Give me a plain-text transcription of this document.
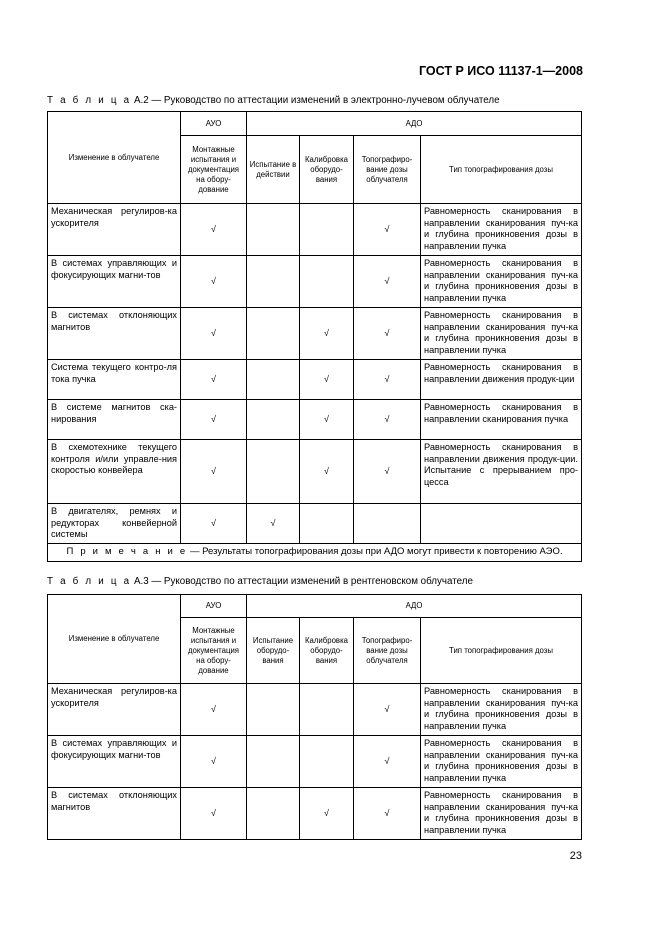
ГОСТ Р ИСО 11137-1—2008
Т а б л и ц а А.2 — Руководство по аттестации изменений в электронно-лучевом облучателе
Изменение в облучателе	АУО	АДО			
	Монтажные испытания и документация на обору-дование	Испытание в действии	Калибровка оборудо-вания	Топографиро-вание дозы облучателя	Тип топографирования дозы
Механическая регулиров-ка ускорителя	√			√	Равномерность сканирования в направлении сканирования пуч-ка и глубина проникновения дозы в направлении пучка
В системах управляющих и фокусирующих магни-тов	√			√	Равномерность сканирования в направлении сканирования пуч-ка и глубина проникновения дозы в направлении пучка
В системах отклоняющих магнитов	√		√	√	Равномерность сканирования в направлении сканирования пуч-ка и глубина проникновения дозы в направлении пучка
Система текущего контро-ля тока пучка	√		√	√	Равномерность сканирования в направлении движения продук-ции
В системе магнитов ска-нирования	√		√	√	Равномерность сканирования в направлении сканирования пучка
В схемотехнике текущего контроля и/или управле-ния скоростью конвейера	√		√	√	Равномерность сканирования в направлении движения продук-ции. Испытание с прерыванием про-цесса
В двигателях, ремнях и редукторах конвейерной системы	√	√			
П р и м е ч а н и е — Результаты топографирования дозы при АДО могут привести к повторению АЭО.					
Т а б л и ц а А.3 — Руководство по аттестации изменений в рентгеновском облучателе
Изменение в облучателе	АУО	АДО			
	Монтажные испытания и документация на обору-дование	Испытание оборудо-вания	Калибровка оборудо-вания	Топографиро-вание дозы облучателя	Тип топографирования дозы
Механическая регулиров-ка ускорителя	√			√	Равномерность сканирования в направлении сканирования пуч-ка и глубина проникновения дозы в направлении пучка
В системах управляющих и фокусирующих магни-тов	√			√	Равномерность сканирования в направлении сканирования пуч-ка и глубина проникновения дозы в направлении пучка
В системах отклоняющих магнитов	√		√	√	Равномерность сканирования в направлении сканирования пуч-ка и глубина проникновения дозы в направлении пучка
23
